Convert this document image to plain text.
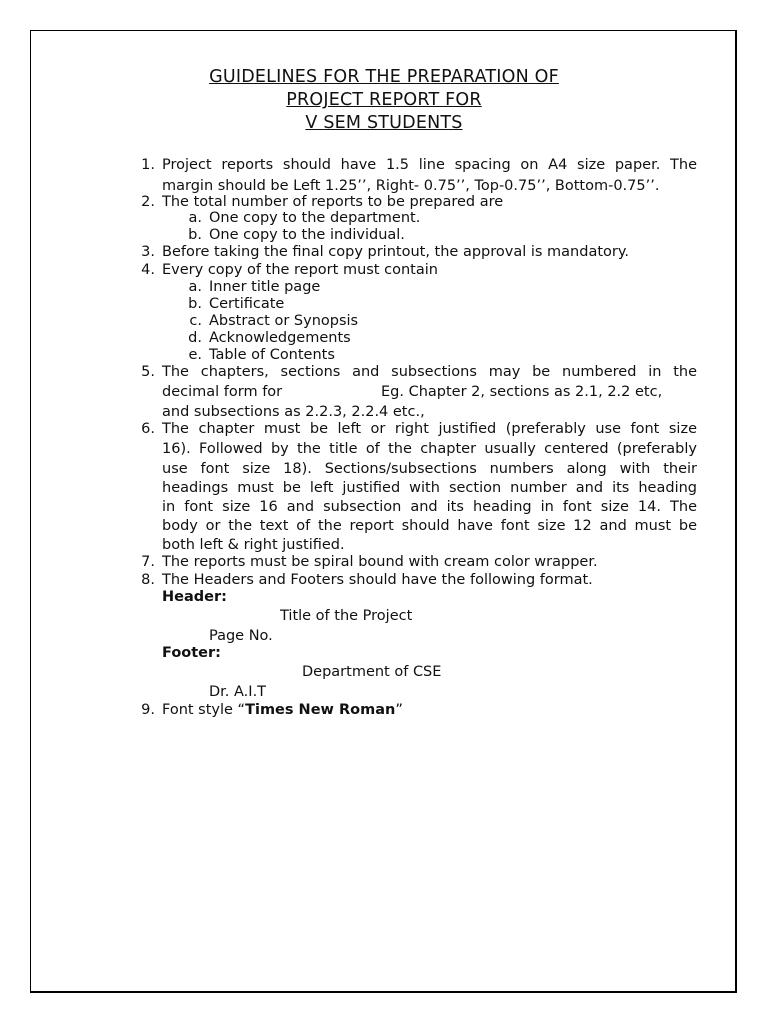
GUIDELINES FOR THE PREPARATION OF
PROJECT REPORT FOR
V SEM STUDENTS
1. Project reports should have 1.5 line spacing on A4 size paper. The
margin should be Left 1.25’’, Right- 0.75’’, Top-0.75’’, Bottom-0.75’’.
2. The total number of reports to be prepared are
a. One copy to the department.
b. One copy to the individual.
3. Before taking the final copy printout, the approval is mandatory.
4. Every copy of the report must contain
a. Inner title page
b. Certificate
c. Abstract or Synopsis
d. Acknowledgements
e. Table of Contents
5. The chapters, sections and subsections may be numbered in the
decimal form for	Eg. Chapter 2, sections as 2.1, 2.2 etc,
and subsections as 2.2.3, 2.2.4 etc.,
6. The chapter must be left or right justified (preferably use font size
16). Followed by the title of the chapter usually centered (preferably
use font size 18). Sections/subsections numbers along with their
headings must be left justified with section number and its heading
in font size 16 and subsection and its heading in font size 14. The
body or the text of the report should have font size 12 and must be
both left & right justified.
7. The reports must be spiral bound with cream color wrapper.
8. The Headers and Footers should have the following format.
Header:
Title of the Project
Page No.
Footer:
Department of CSE
Dr. A.I.T
9. Font style “Times New Roman”
